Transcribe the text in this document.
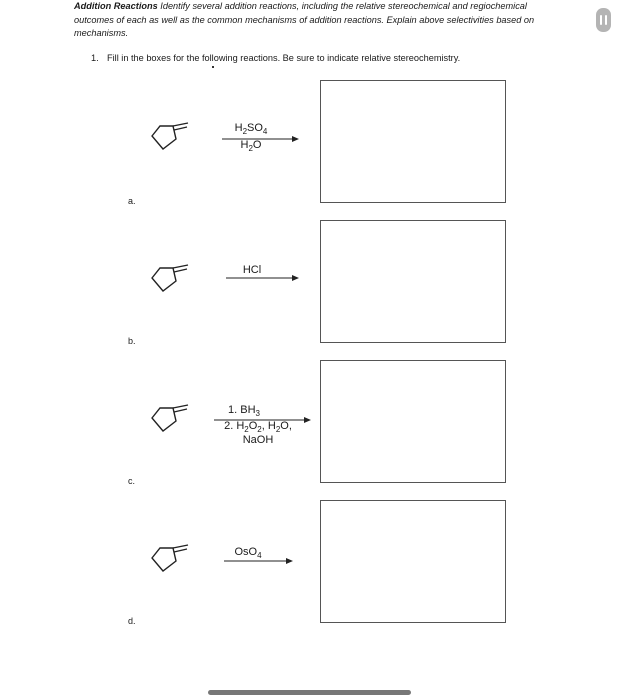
Addition Reactions Identify several addition reactions, including the relative stereochemical and regiochemical outcomes of each as well as the common mechanisms of addition reactions. Explain above selectivities based on mechanisms.
1. Fill in the boxes for the following reactions. Be sure to indicate relative stereochemistry.
$H_2SO_4$
$H_2O$
a.
HCl
b.
1. $BH_3$
2. $H_2O_2$, $H_2O$,
NaOH
c.
OsO$_4$
d.
